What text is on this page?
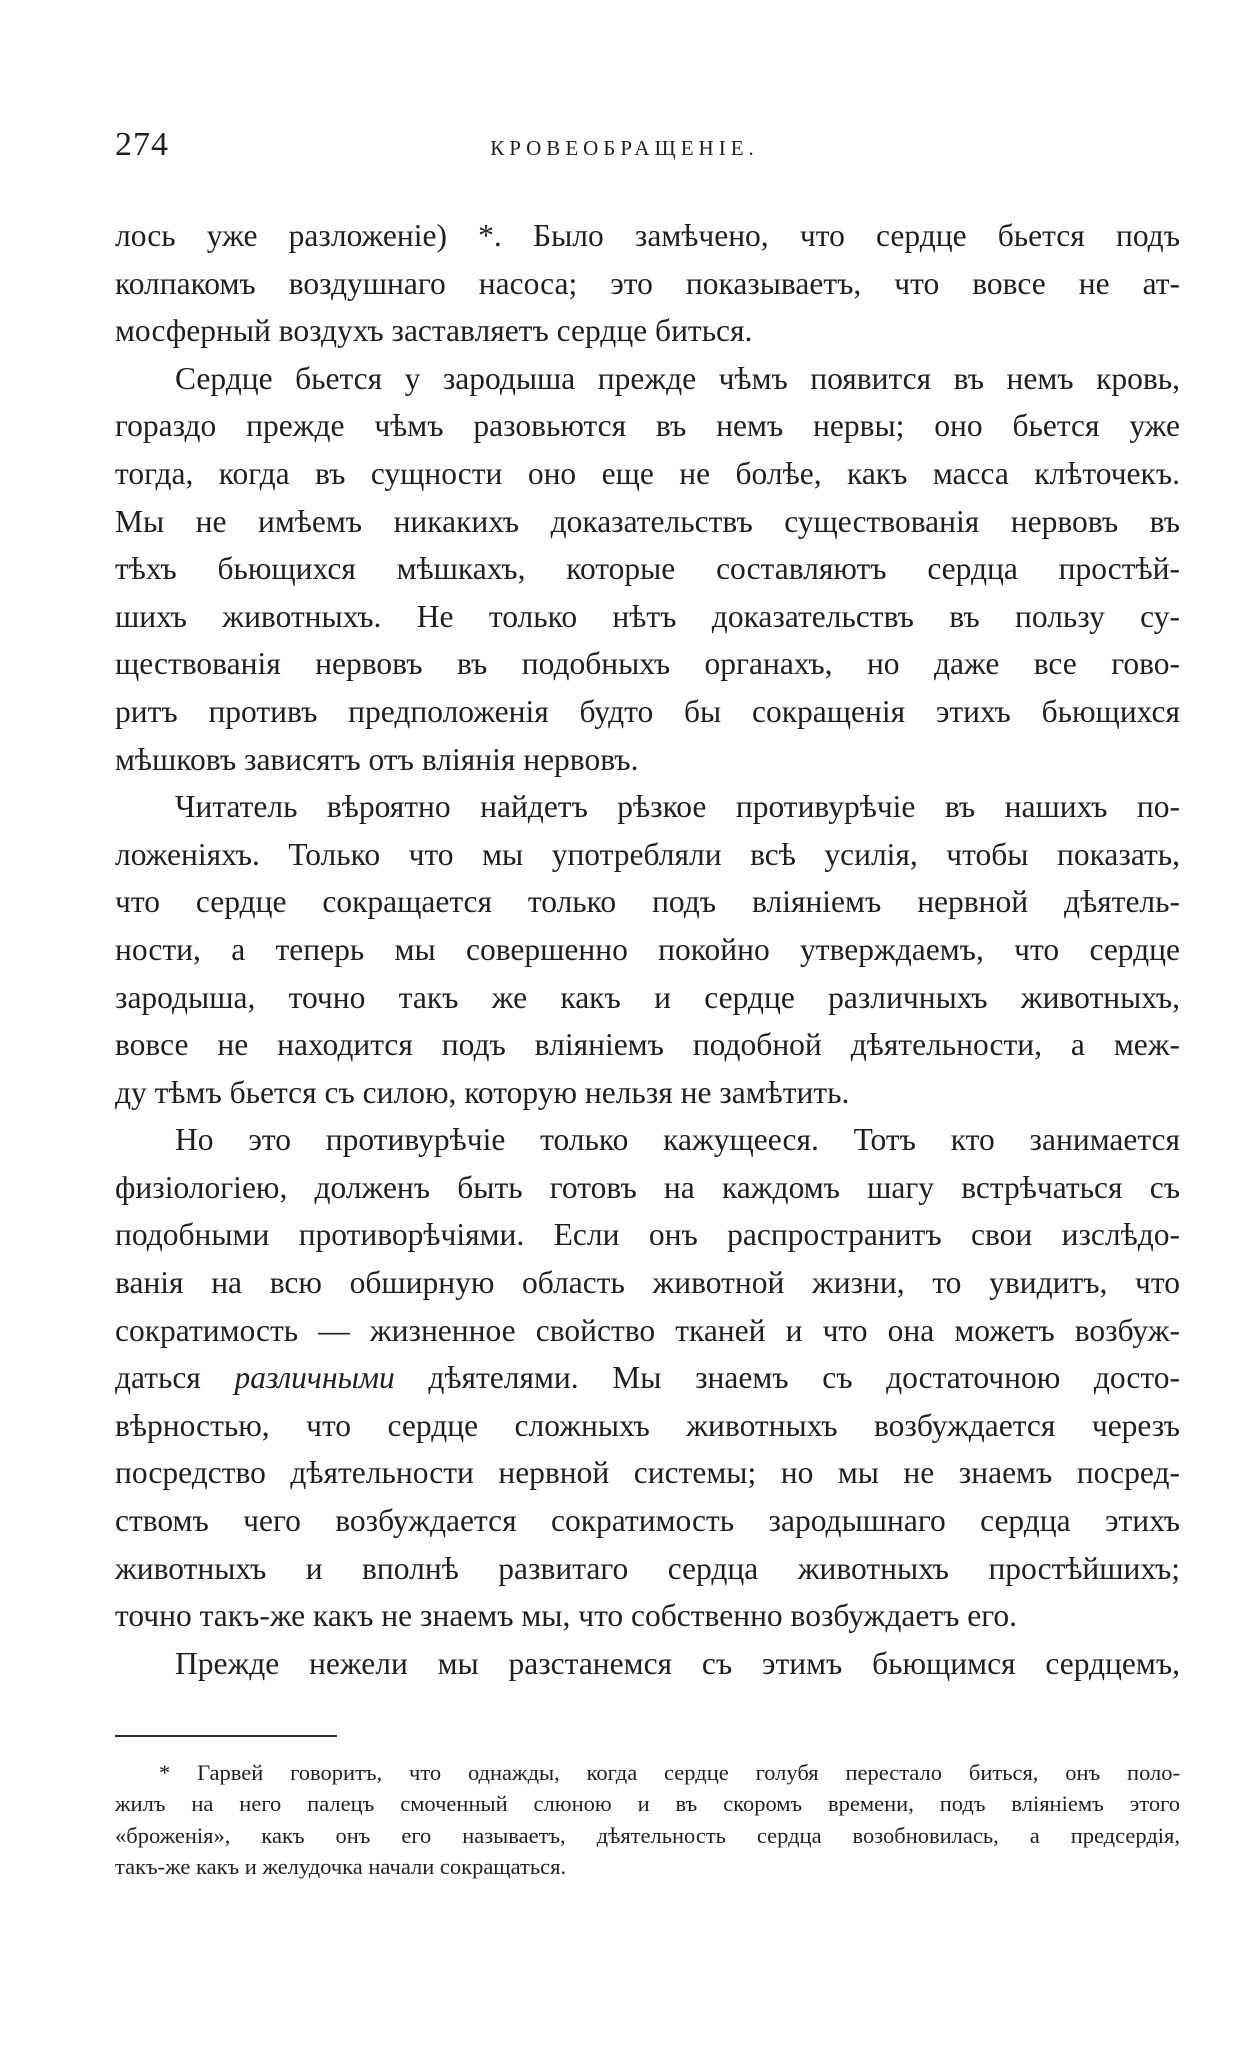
274	КРОВЕОБРАЩЕНІЕ.
лось уже разложеніе) *. Было замѣчено, что сердце бьется подъ
колпакомъ воздушнаго насоса; это показываетъ, что вовсе не ат-
мосферный воздухъ заставляетъ сердце биться.
Сердце бьется у зародыша прежде чѣмъ появится въ немъ кровь,
гораздо прежде чѣмъ разовьются въ немъ нервы; оно бьется уже
тогда, когда въ сущности оно еще не болѣе, какъ масса клѣточекъ.
Мы не имѣемъ никакихъ доказательствъ существованія нервовъ въ
тѣхъ бьющихся мѣшкахъ, которые составляютъ сердца простѣй-
шихъ животныхъ. Не только нѣтъ доказательствъ въ пользу су-
ществованія нервовъ въ подобныхъ органахъ, но даже все гово-
ритъ противъ предположенія будто бы сокращенія этихъ бьющихся
мѣшковъ зависятъ отъ вліянія нервовъ.
Читатель вѣроятно найдетъ рѣзкое противурѣчіе въ нашихъ по-
ложеніяхъ. Только что мы употребляли всѣ усилія, чтобы показать,
что сердце сокращается только подъ вліяніемъ нервной дѣятель-
ности, а теперь мы совершенно покойно утверждаемъ, что сердце
зародыша, точно такъ же какъ и сердце различныхъ животныхъ,
вовсе не находится подъ вліяніемъ подобной дѣятельности, а меж-
ду тѣмъ бьется съ силою, которую нельзя не замѣтить.
Но это противурѣчіе только кажущееся. Тотъ кто занимается
физіологіею, долженъ быть готовъ на каждомъ шагу встрѣчаться съ
подобными противорѣчіями. Если онъ распространитъ свои изслѣдо-
ванія на всю обширную область животной жизни, то увидитъ, что
сократимость — жизненное свойство тканей и что она можетъ возбуж-
даться различными дѣятелями. Мы знаемъ съ достаточною досто-
вѣрностью, что сердце сложныхъ животныхъ возбуждается черезъ
посредство дѣятельности нервной системы; но мы не знаемъ посред-
ствомъ чего возбуждается сократимость зародышнаго сердца этихъ
животныхъ и вполнѣ развитаго сердца животныхъ простѣйшихъ;
точно такъ-же какъ не знаемъ мы, что собственно возбуждаетъ его.
Прежде нежели мы разстанемся съ этимъ бьющимся сердцемъ,
* Гарвей говоритъ, что однажды, когда сердце голубя перестало биться, онъ поло-
жилъ на него палецъ смоченный слюною и въ скоромъ времени, подъ вліяніемъ этого
«броженія», какъ онъ его называетъ, дѣятельность сердца возобновилась, а предсердія,
такъ-же какъ и желудочка начали сокращаться.
